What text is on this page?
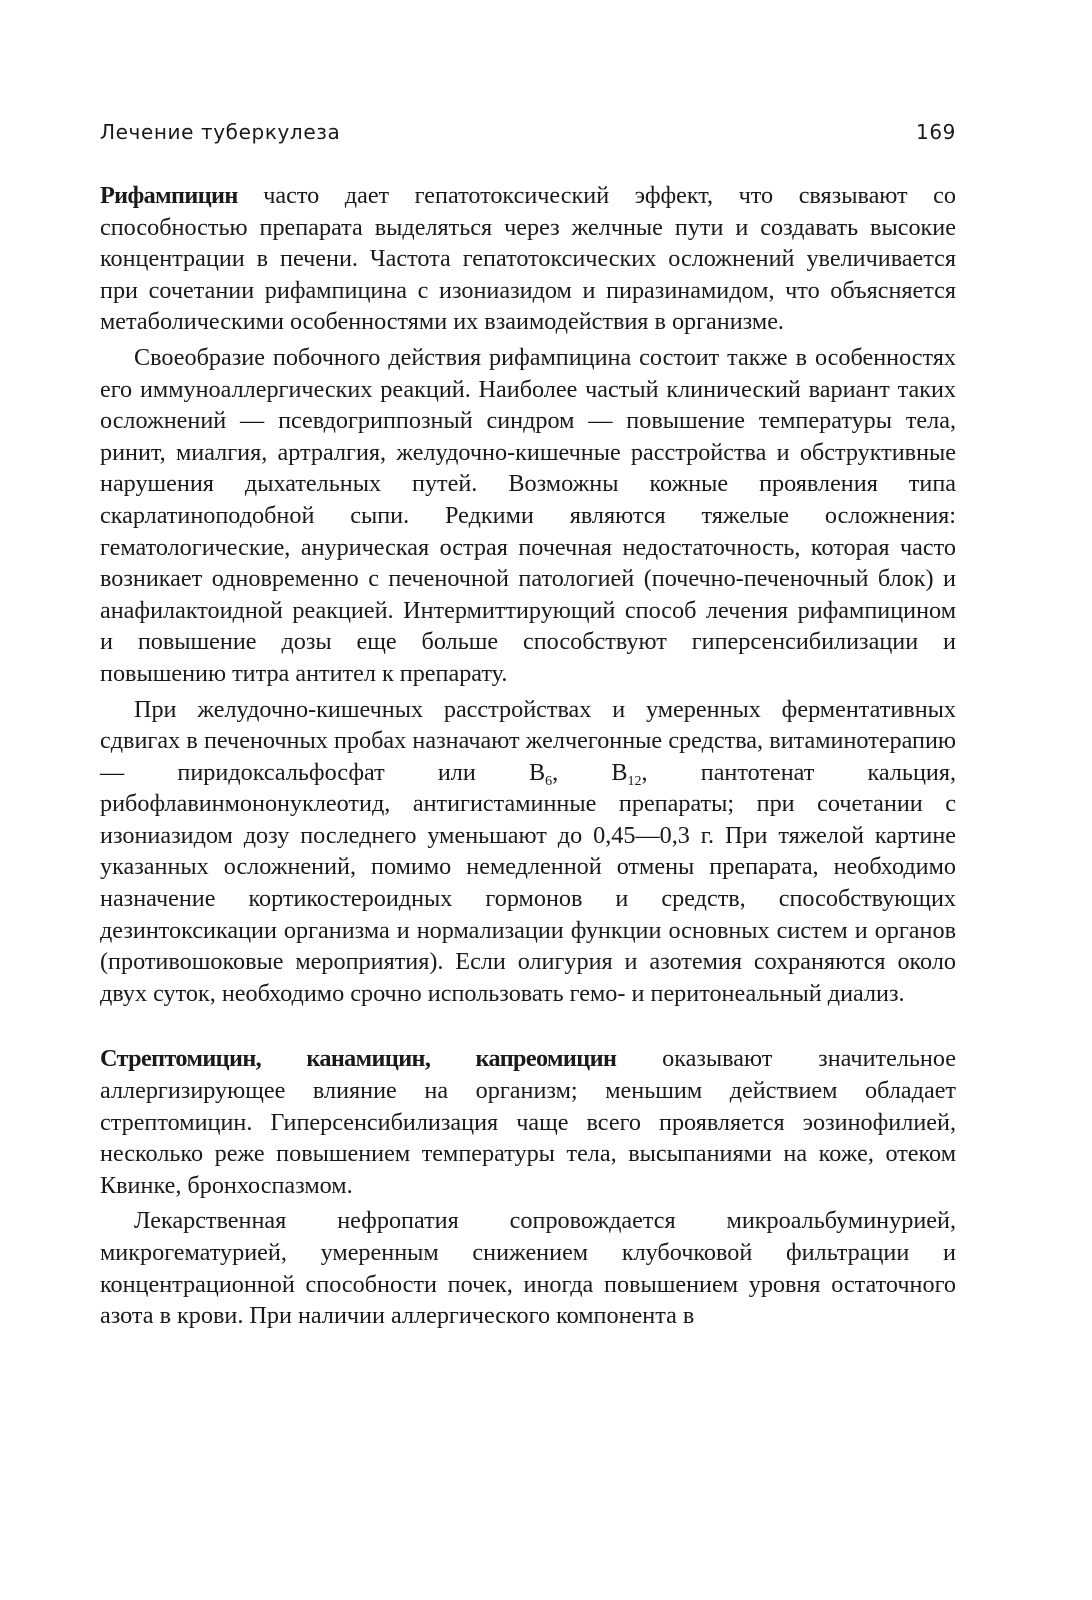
Лечение туберкулеза	169

Рифампицин часто дает гепатотоксический эффект, что связывают со способностью препарата выделяться через желчные пути и создавать высокие концентрации в печени. Частота гепатотоксических осложнений увеличивается при сочетании рифампицина с изониазидом и пиразинамидом, что объясняется метаболическими особенностями их взаимодействия в организме.

Своеобразие побочного действия рифампицина состоит также в особенностях его иммуноаллергических реакций. Наиболее частый клинический вариант таких осложнений — псевдогриппозный синдром — повышение температуры тела, ринит, миалгия, артралгия, желудочно-кишечные расстройства и обструктивные нарушения дыхательных путей. Возможны кожные проявления типа скарлатиноподобной сыпи. Редкими являются тяжелые осложнения: гематологические, анурическая острая почечная недостаточность, которая часто возникает одновременно с печеночной патологией (почечно-печеночный блок) и анафилактоидной реакцией. Интермиттирующий способ лечения рифампицином и повышение дозы еще больше способствуют гиперсенсибилизации и повышению титра антител к препарату.

При желудочно-кишечных расстройствах и умеренных ферментативных сдвигах в печеночных пробах назначают желчегонные средства, витаминотерапию — пиридоксальфосфат или $B_6$, $B_{12}$, пантотенат кальция, рибофлавинмононуклеотид, антигистаминные препараты; при сочетании с изониазидом дозу последнего уменьшают до 0,45—0,3 г. При тяжелой картине указанных осложнений, помимо немедленной отмены препарата, необходимо назначение кортикостероидных гормонов и средств, способствующих дезинтоксикации организма и нормализации функции основных систем и органов (противошоковые мероприятия). Если олигурия и азотемия сохраняются около двух суток, необходимо срочно использовать гемо- и перитонеальный диализ.

Стрептомицин, канамицин, капреомицин оказывают значительное аллергизирующее влияние на организм; меньшим действием обладает стрептомицин. Гиперсенсибилизация чаще всего проявляется эозинофилией, несколько реже повышением температуры тела, высыпаниями на коже, отеком Квинке, бронхоспазмом.

Лекарственная нефропатия сопровождается микроальбуминурией, микрогематурией, умеренным снижением клубочковой фильтрации и концентрационной способности почек, иногда повышением уровня остаточного азота в крови. При наличии аллергического компонента в
